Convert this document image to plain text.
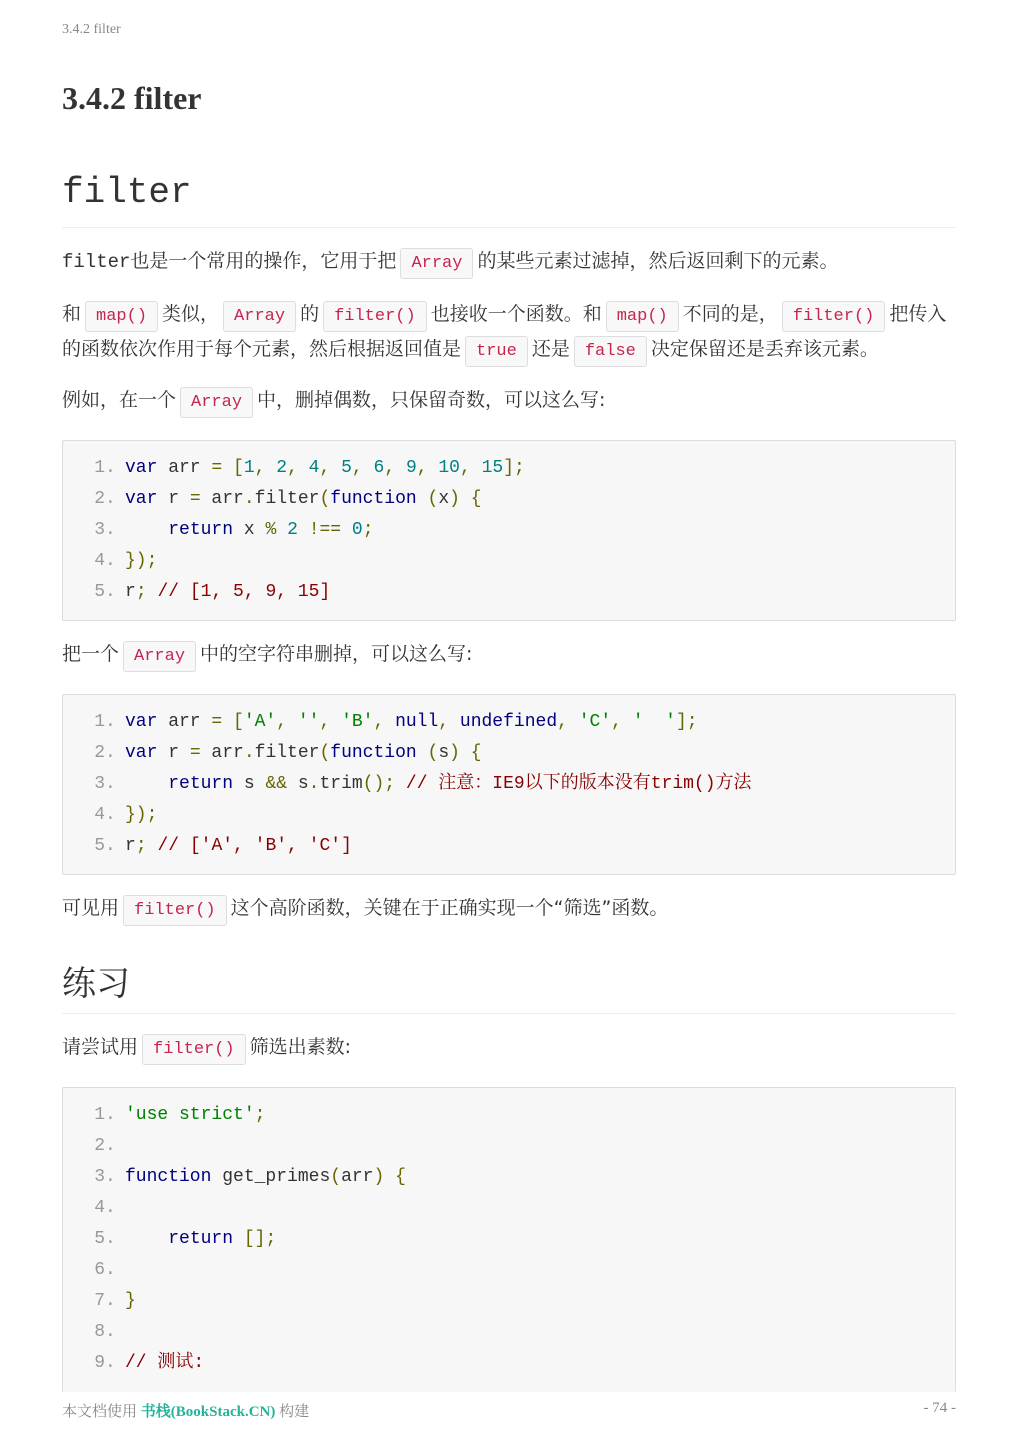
3.4.2 filter
3.4.2 filter
filter

filter也是一个常用的操作，它用于把 Array 的某些元素过滤掉，然后返回剩下的元素。

和 map() 类似， Array 的 filter() 也接收一个函数。和 map() 不同的是， filter() 把传入的函数依次作用于每个元素，然后根据返回值是 true 还是 false 决定保留还是丢弃该元素。

例如，在一个 Array 中，删掉偶数，只保留奇数，可以这么写:

1 . var arr = [1, 2, 4, 5, 6, 9, 10, 15];
2 . var r = arr.filter(function (x) {
3 .	return x % 2 !== 0;
4 . });
5 . r; // [1, 5, 9, 15]

把一个 Array 中的空字符串删掉，可以这么写:

1 . var arr = ['A', '', 'B', null, undefined, 'C', '  '];
2 . var r = arr.filter(function (s) {
3 .	return s && s.trim(); // 注意：IE9以下的版本没有trim()方法
4 . });
5 . r; // ['A', 'B', 'C']

可见用 filter() 这个高阶函数，关键在于正确实现一个“筛选”函数。

练习

请尝试用 filter() 筛选出素数:

1 . 'use strict';
2 .
3 . function get_primes(arr) {
4 .
5 .	return [];
6 .
7 . }
8 .
9 . // 测试:
本文档使用 书栈(BookStack.CN) 构建	- 74 -
